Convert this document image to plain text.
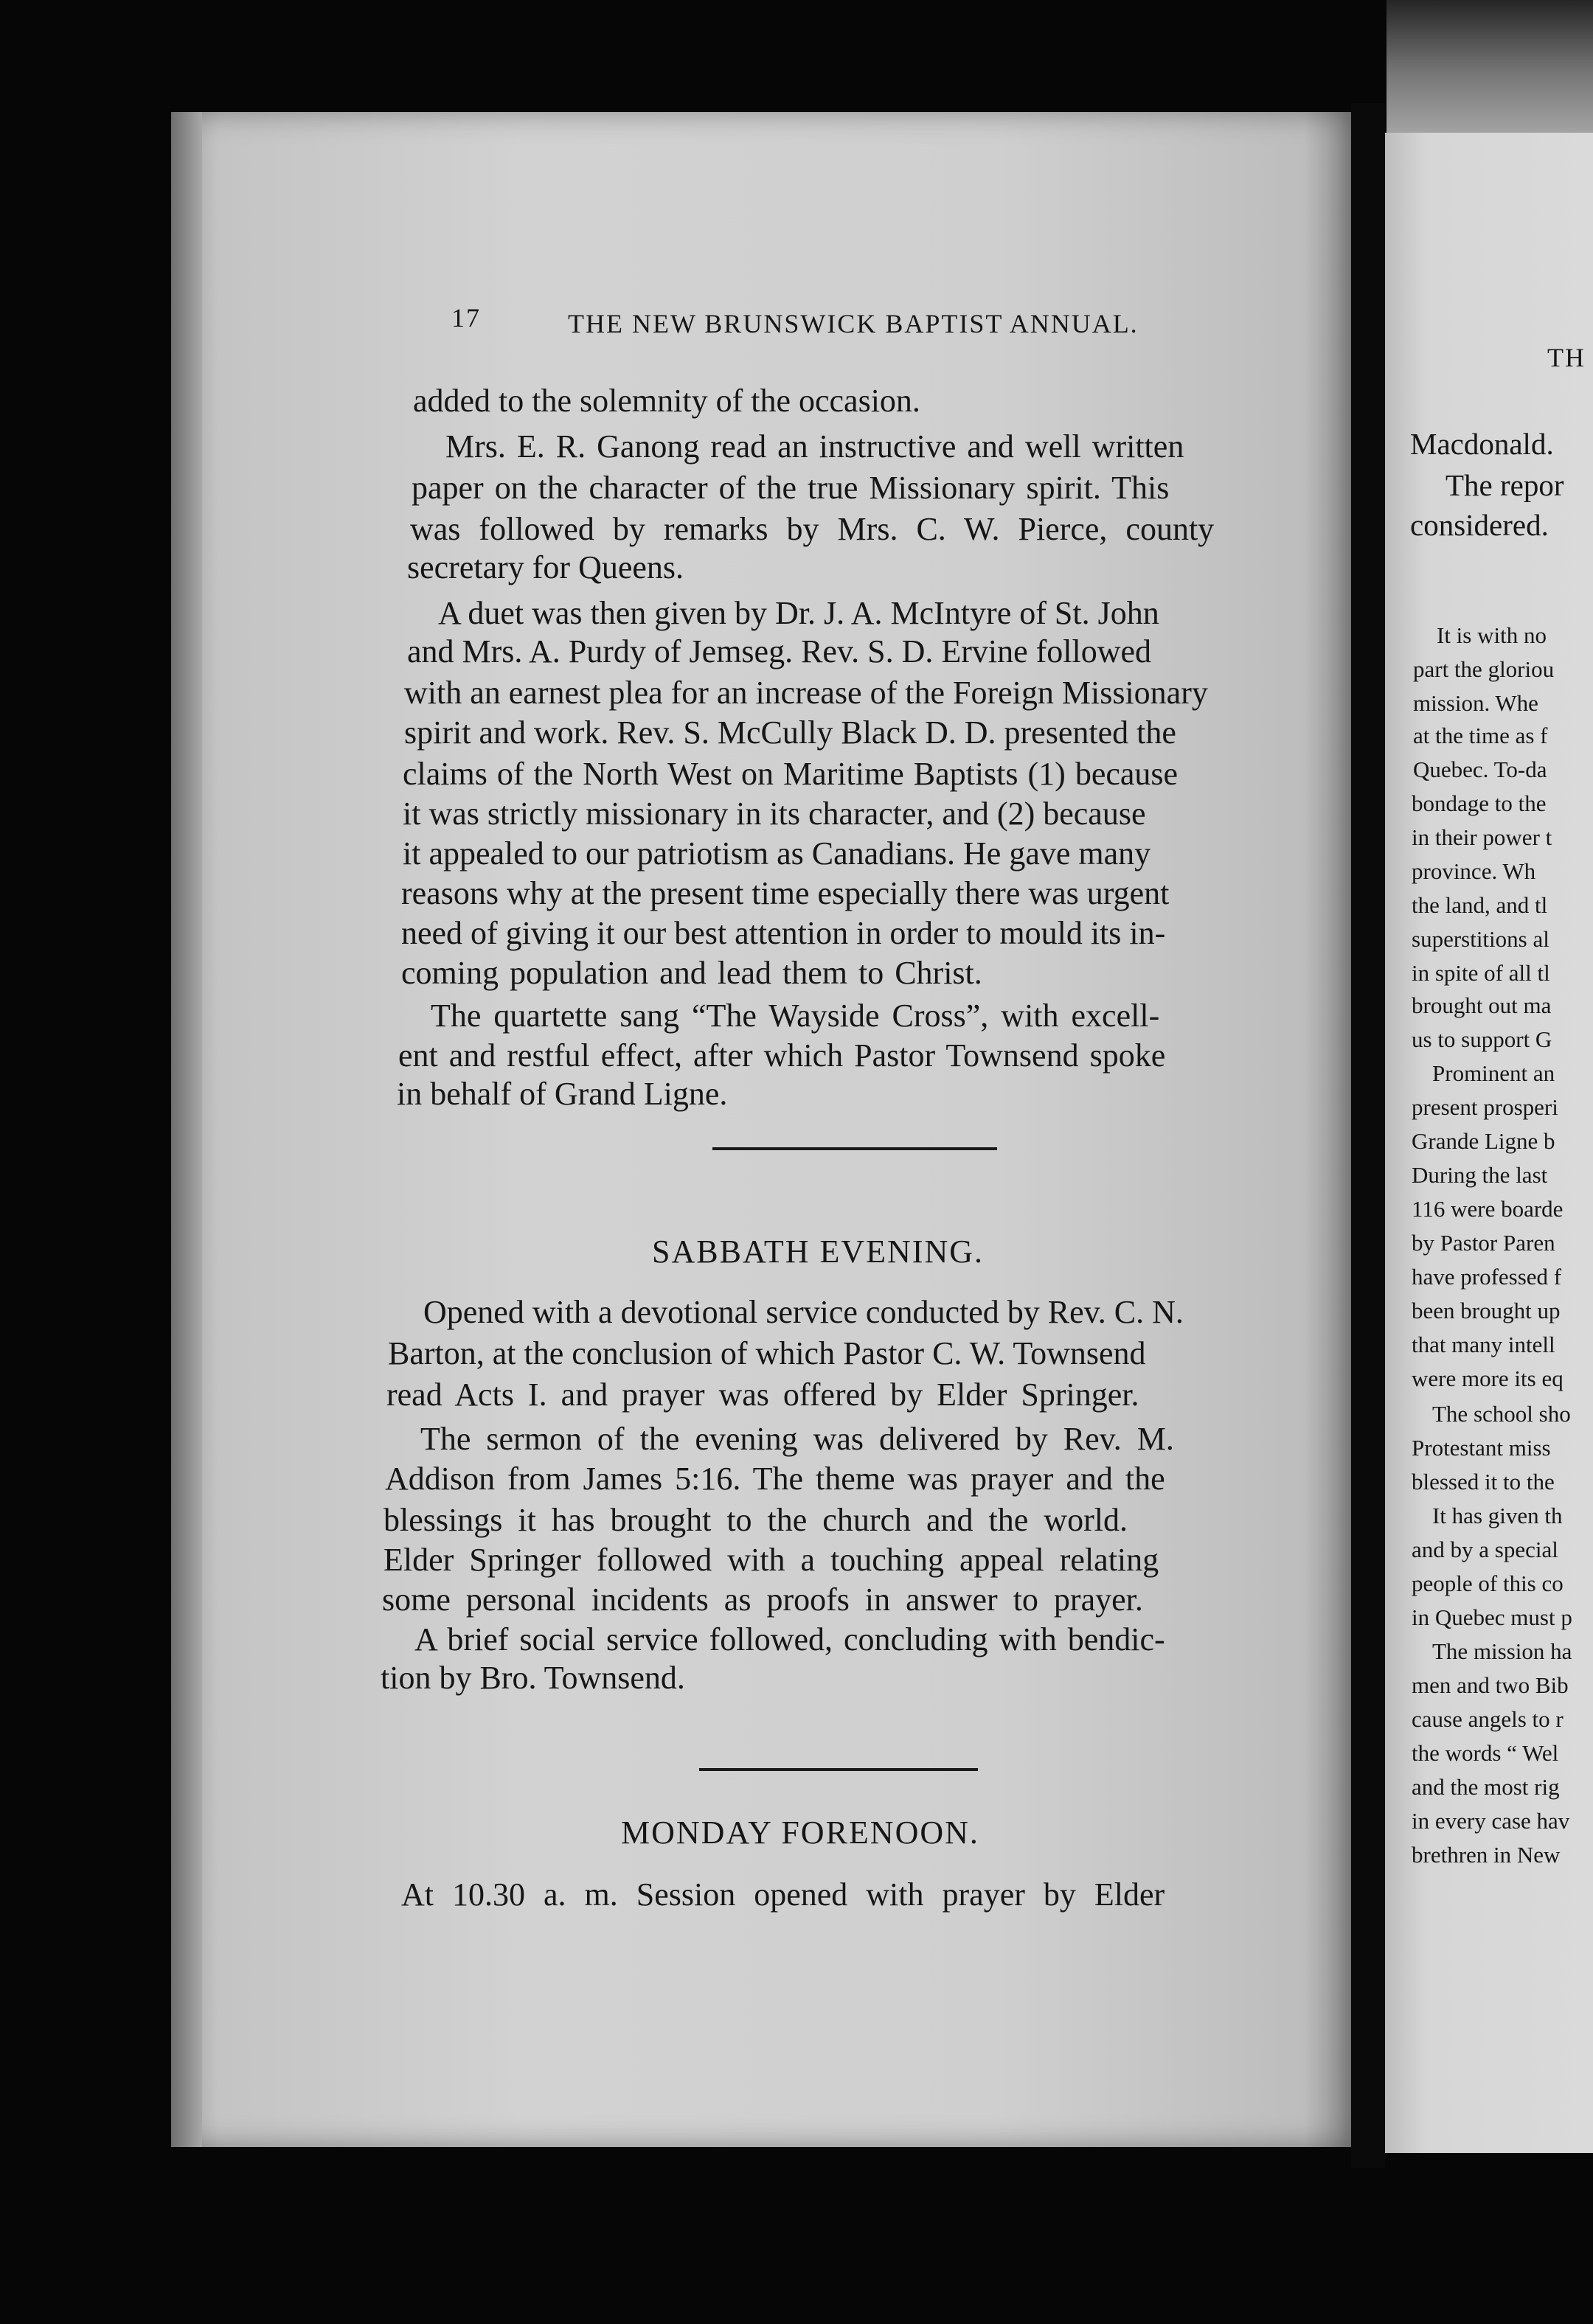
17	THE NEW BRUNSWICK BAPTIST ANNUAL.
added to the solemnity of the occasion.
Mrs. E. R. Ganong read an instructive and well written
paper on the character of the true Missionary spirit. This
was followed by remarks by Mrs. C. W. Pierce, county
secretary for Queens.
A duet was then given by Dr. J. A. McIntyre of St. John
and Mrs. A. Purdy of Jemseg. Rev. S. D. Ervine followed
with an earnest plea for an increase of the Foreign Missionary
spirit and work. Rev. S. McCully Black D. D. presented the
claims of the North West on Maritime Baptists (1) because
it was strictly missionary in its character, and (2) because
it appealed to our patriotism as Canadians. He gave many
reasons why at the present time especially there was urgent
need of giving it our best attention in order to mould its in-
coming population and lead them to Christ.
The quartette sang “The Wayside Cross”, with excell-
ent and restful effect, after which Pastor Townsend spoke
in behalf of Grand Ligne.
SABBATH EVENING.
Opened with a devotional service conducted by Rev. C. N.
Barton, at the conclusion of which Pastor C. W. Townsend
read Acts I. and prayer was offered by Elder Springer.
The sermon of the evening was delivered by Rev. M.
Addison from James 5:16. The theme was prayer and the
blessings it has brought to the church and the world.
Elder Springer followed with a touching appeal relating
some personal incidents as proofs in answer to prayer.
A brief social service followed, concluding with bendic-
tion by Bro. Townsend.
MONDAY FORENOON.
At 10.30 a. m. Session opened with prayer by Elder
TH
Macdonald.
The repor
considered.
It is with no
part the gloriou
mission. Whe
at the time as f
Quebec. To-da
bondage to the
in their power t
province. Wh
the land, and tl
superstitions al
in spite of all tl
brought out ma
us to support G
Prominent an
present prosperi
Grande Ligne b
During the last
116 were boarde
by Pastor Paren
have professed f
been brought up
that many intell
were more its eq
The school sho
Protestant miss
blessed it to the
It has given th
and by a special
people of this co
in Quebec must p
The mission ha
men and two Bib
cause angels to r
the words “ Wel
and the most rig
in every case hav
brethren in New
